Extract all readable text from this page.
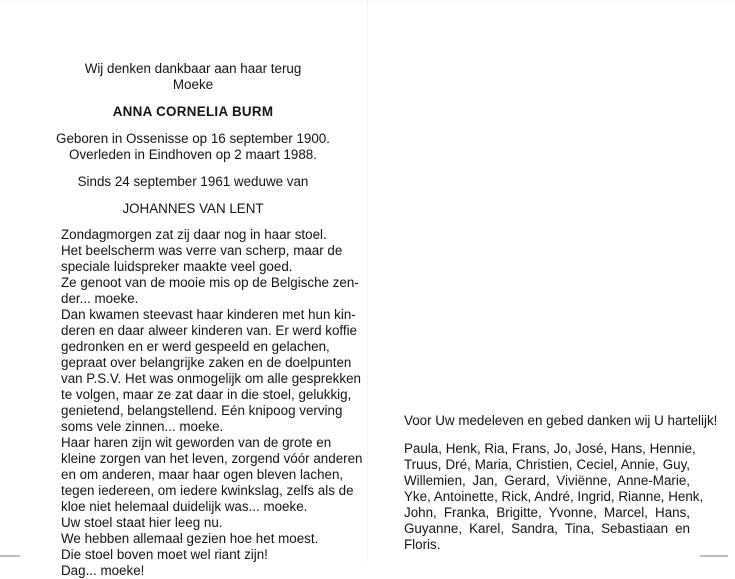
Wij denken dankbaar aan haar terug
Moeke
ANNA CORNELIA BURM
Geboren in Ossenisse op 16 september 1900.
Overleden in Eindhoven op 2 maart 1988.
Sinds 24 september 1961 weduwe van
JOHANNES VAN LENT
Zondagmorgen zat zij daar nog in haar stoel.
Het beelscherm was verre van scherp, maar de
speciale luidspreker maakte veel goed.
Ze genoot van de mooie mis op de Belgische zen-
der... moeke.
Dan kwamen steevast haar kinderen met hun kin-
deren en daar alweer kinderen van. Er werd koffie
gedronken en er werd gespeeld en gelachen,
gepraat over belangrijke zaken en de doelpunten
van P.S.V. Het was onmogelijk om alle gesprekken
te volgen, maar ze zat daar in die stoel, gelukkig,
genietend, belangstellend. Eén knipoog verving
soms vele zinnen... moeke.
Haar haren zijn wit geworden van de grote en
kleine zorgen van het leven, zorgend vóór anderen
en om anderen, maar haar ogen bleven lachen,
tegen iedereen, om iedere kwinkslag, zelfs als de
kloe niet helemaal duidelijk was... moeke.
Uw stoel staat hier leeg nu.
We hebben allemaal gezien hoe het moest.
Die stoel boven moet wel riant zijn!
Dag... moeke!
Voor Uw medeleven en gebed danken wij U hartelijk!
Paula, Henk, Ria, Frans, Jo, José, Hans, Hennie,
Truus, Dré, Maria, Christien, Ceciel, Annie, Guy,
Willemien, Jan, Gerard, Viviënne, Anne-Marie,
Yke, Antoinette, Rick, André, Ingrid, Rianne, Henk,
John, Franka, Brigitte, Yvonne, Marcel, Hans,
Guyanne, Karel, Sandra, Tina, Sebastiaan en
Floris.
